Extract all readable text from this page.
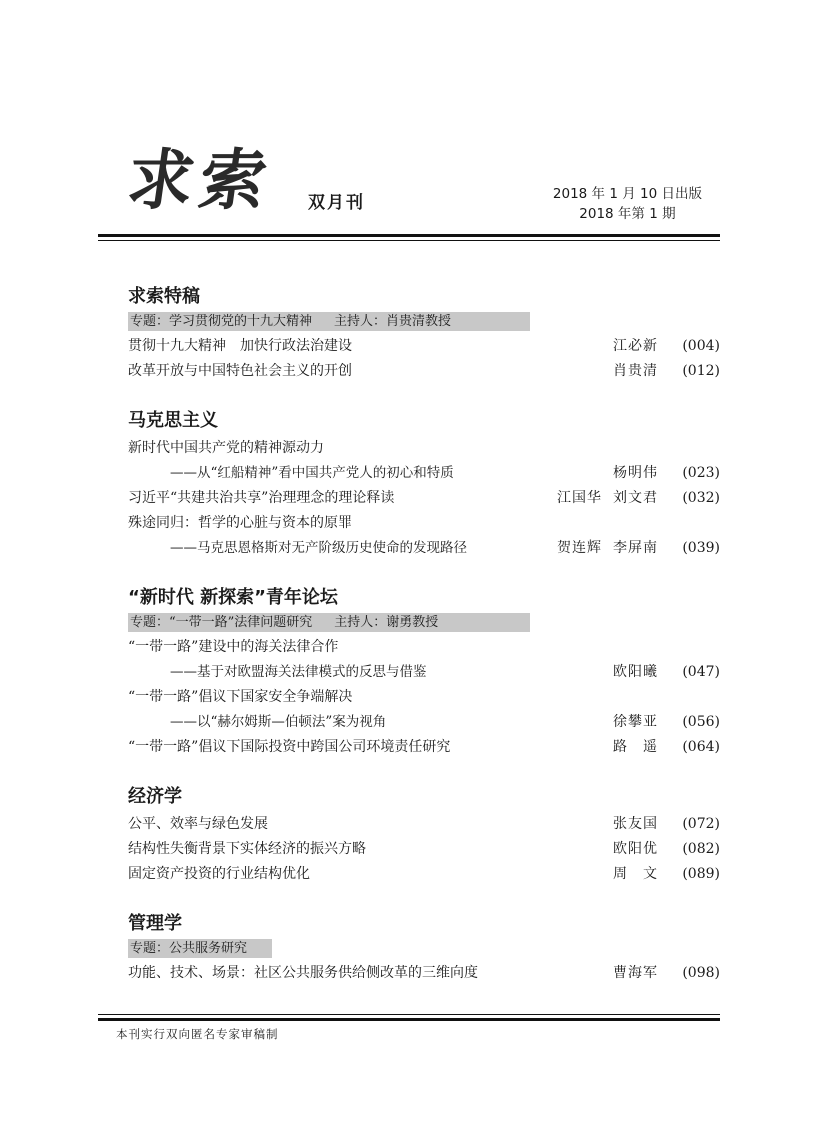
求索 双月刊	2018 年 1 月 10 日出版
2018 年第 1 期
求索特稿
专题：学习贯彻党的十九大精神 主持人：肖贵清教授
贯彻十九大精神　加快行政法治建设	江必新 (004)
改革开放与中国特色社会主义的开创	肖贵清 (012)
马克思主义
新时代中国共产党的精神源动力
——从“红船精神”看中国共产党人的初心和特质	杨明伟 (023)
习近平“共建共治共享”治理理念的理论释读	江国华 刘文君 (032)
殊途同归：哲学的心脏与资本的原罪
——马克思恩格斯对无产阶级历史使命的发现路径	贺连辉 李屏南 (039)
“新时代 新探索”青年论坛
专题：“一带一路”法律问题研究 主持人：谢勇教授
“一带一路”建设中的海关法律合作
——基于对欧盟海关法律模式的反思与借鉴	欧阳曦 (047)
“一带一路”倡议下国家安全争端解决
——以“赫尔姆斯—伯顿法”案为视角	徐攀亚 (056)
“一带一路”倡议下国际投资中跨国公司环境责任研究	路　遥 (064)
经济学
公平、效率与绿色发展	张友国 (072)
结构性失衡背景下实体经济的振兴方略	欧阳优 (082)
固定资产投资的行业结构优化	周　文 (089)
管理学
专题：公共服务研究
功能、技术、场景：社区公共服务供给侧改革的三维向度	曹海军 (098)
本刊实行双向匿名专家审稿制
